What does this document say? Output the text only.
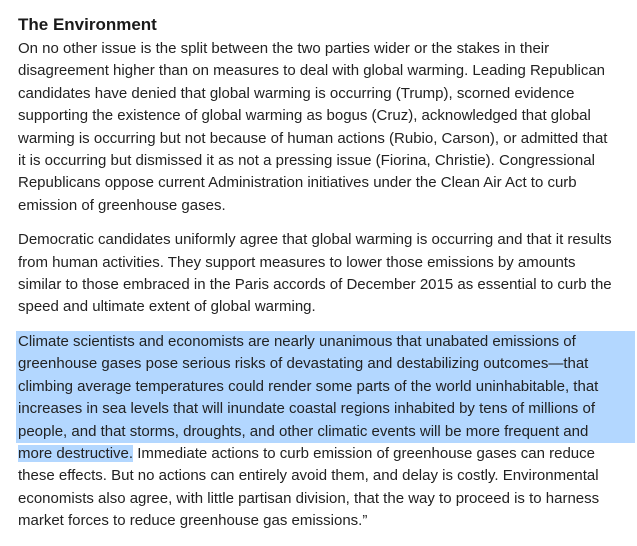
The Environment

On no other issue is the split between the two parties wider or the stakes in their
disagreement higher than on measures to deal with global warming. Leading Republican
candidates have denied that global warming is occurring (Trump), scorned evidence
supporting the existence of global warming as bogus (Cruz), acknowledged that global
warming is occurring but not because of human actions (Rubio, Carson), or admitted that
it is occurring but dismissed it as not a pressing issue (Fiorina, Christie). Congressional
Republicans oppose current Administration initiatives under the Clean Air Act to curb
emission of greenhouse gases.

Democratic candidates uniformly agree that global warming is occurring and that it results
from human activities. They support measures to lower those emissions by amounts
similar to those embraced in the Paris accords of December 2015 as essential to curb the
speed and ultimate extent of global warming.

Climate scientists and economists are nearly unanimous that unabated emissions of
greenhouse gases pose serious risks of devastating and destabilizing outcomes—that
climbing average temperatures could render some parts of the world uninhabitable, that
increases in sea levels that will inundate coastal regions inhabited by tens of millions of
people, and that storms, droughts, and other climatic events will be more frequent and
more destructive. Immediate actions to curb emission of greenhouse gases can reduce
these effects. But no actions can entirely avoid them, and delay is costly. Environmental
economists also agree, with little partisan division, that the way to proceed is to harness
market forces to reduce greenhouse gas emissions.”
